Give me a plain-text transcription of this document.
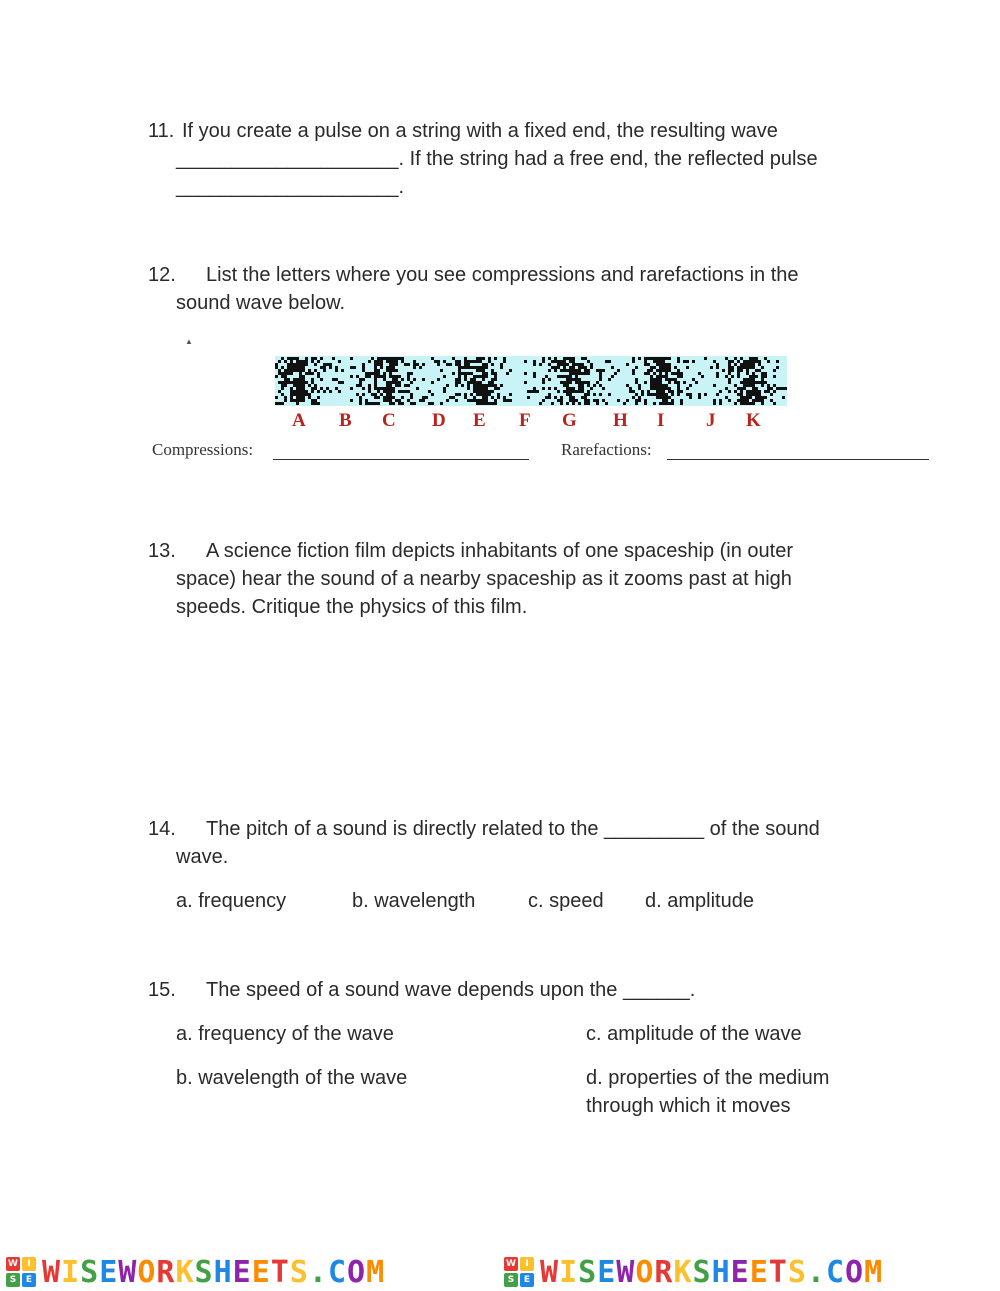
11. If you create a pulse on a string with a fixed end, the resulting wave
____________________. If the string had a free end, the reflected pulse
____________________.
12. List the letters where you see compressions and rarefactions in the
sound wave below.
▲
A B C D E F G H I J K
Compressions:	Rarefactions:
13. A science fiction film depicts inhabitants of one spaceship (in outer
space) hear the sound of a nearby spaceship as it zooms past at high
speeds. Critique the physics of this film.
14. The pitch of a sound is directly related to the _________ of the sound
wave.
a. frequency	b. wavelength	c. speed d. amplitude
15. The speed of a sound wave depends upon the ______.
a. frequency of the wave	c. amplitude of the wave
b. wavelength of the wave	d. properties of the medium
through which it moves
W	I
S	E WISEWORKSHEETS.COM	W	I
S	E WISEWORKSHEETS.COM
